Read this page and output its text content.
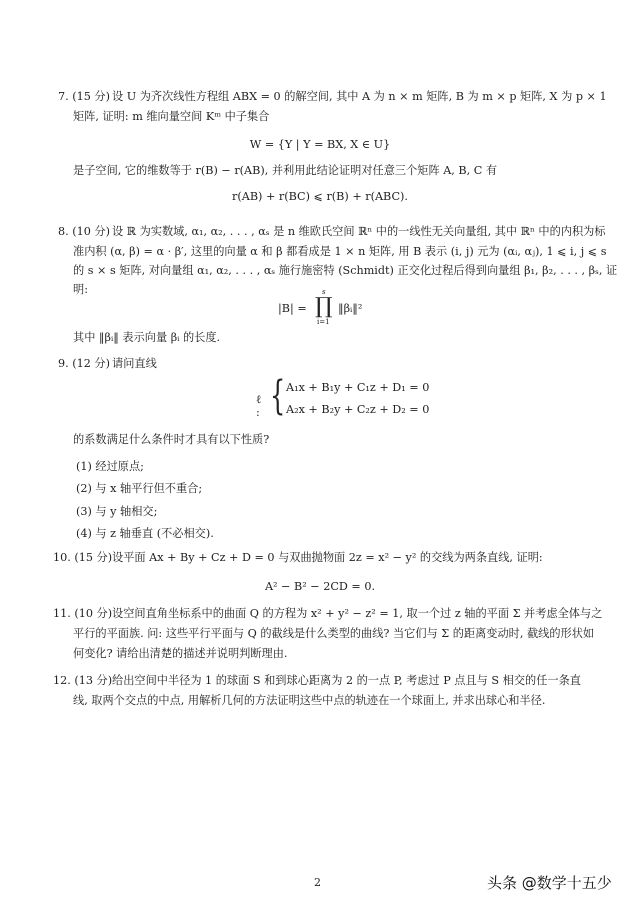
7. (15 分) 设 U 为齐次线性方程组 ABX = 0 的解空间, 其中 A 为 n × m 矩阵, B 为 m × p 矩阵, X 为 p × 1
矩阵, 证明: m 维向量空间 Kᵐ 中子集合
W = {Y | Y = BX, X ∈ U}
是子空间, 它的维数等于 r(B) − r(AB), 并利用此结论证明对任意三个矩阵 A, B, C 有
r(AB) + r(BC) ⩽ r(B) + r(ABC).
8. (10 分) 设 ℝ 为实数域, α₁, α₂, . . . , αₛ 是 n 维欧氏空间 ℝⁿ 中的一线性无关向量组, 其中 ℝⁿ 中的内积为标
准内积 (α, β) = α · β′, 这里的向量 α 和 β 都看成是 1 × n 矩阵, 用 B 表示 (i, j) 元为 (αᵢ, αⱼ), 1 ⩽ i, j ⩽ s
的 s × s 矩阵, 对向量组 α₁, α₂, . . . , αₛ 施行施密特 (Schmidt) 正交化过程后得到向量组 β₁, β₂, . . . , βₛ, 证
明:
|B| = ∏
s
i=1
‖βᵢ‖²
其中 ‖βᵢ‖ 表示向量 βᵢ 的长度.
9. (12 分) 请问直线
ℓ : { A₁x + B₁y + C₁z + D₁ = 0
A₂x + B₂y + C₂z + D₂ = 0
的系数满足什么条件时才具有以下性质?
(1) 经过原点;
(2) 与 x 轴平行但不重合;
(3) 与 y 轴相交;
(4) 与 z 轴垂直 (不必相交).
10. (15 分) 设平面 Ax + By + Cz + D = 0 与双曲抛物面 2z = x² − y² 的交线为两条直线, 证明:
A² − B² − 2CD = 0.
11. (10 分) 设空间直角坐标系中的曲面 Q 的方程为 x² + y² − z² = 1, 取一个过 z 轴的平面 Σ 并考虑全体与之
平行的平面族. 问: 这些平行平面与 Q 的截线是什么类型的曲线? 当它们与 Σ 的距离变动时, 截线的形状如
何变化? 请给出清楚的描述并说明判断理由.
12. (13 分) 给出空间中半径为 1 的球面 S 和到球心距离为 2 的一点 P, 考虑过 P 点且与 S 相交的任一条直
线, 取两个交点的中点, 用解析几何的方法证明这些中点的轨迹在一个球面上, 并求出球心和半径.
2	头条 @数学十五少
